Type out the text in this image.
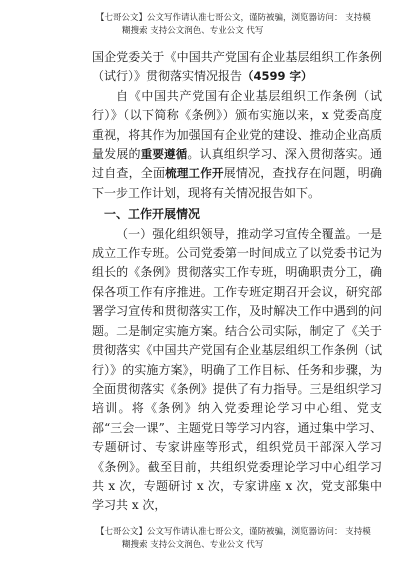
【七哥公文】公文写作请认准七哥公文，谨防被骗，浏览器访问： 支持模
糊搜索 支持公文润色、专业公文 代写

国企党委关于《中国共产党国有企业基层组织工作条例（试行）》贯彻落实情况报告（4599 字）

自《中国共产党国有企业基层组织工作条例（试行）》（以下简称《条例》）颁布实施以来，x 党委高度重视，将其作为加强国有企业党的建设、推动企业高质量发展的重要遵循。认真组织学习、深入贯彻落实。通过自查，全面梳理工作开展情况，查找存在问题，明确下一步工作计划，现将有关情况报告如下。

一、工作开展情况

（一）强化组织领导，推动学习宣传全覆盖。一是成立工作专班。公司党委第一时间成立了以党委书记为组长的《条例》贯彻落实工作专班，明确职责分工，确保各项工作有序推进。工作专班定期召开会议，研究部署学习宣传和贯彻落实工作，及时解决工作中遇到的问题。二是制定实施方案。结合公司实际，制定了《关于贯彻落实《中国共产党国有企业基层组织工作条例（试行）》的实施方案》，明确了工作目标、任务和步骤，为全面贯彻落实《条例》提供了有力指导。三是组织学习培训。将《条例》纳入党委理论学习中心组、党支部“三会一课”、主题党日等学习内容，通过集中学习、专题研讨、专家讲座等形式，组织党员干部深入学习《条例》。截至目前，共组织党委理论学习中心组学习共 x 次，专题研讨 x 次，专家讲座 x 次，党支部集中学习共 x 次，

【七哥公文】公文写作请认准七哥公文，谨防被骗，浏览器访问： 支持模
糊搜索 支持公文润色、专业公文 代写
